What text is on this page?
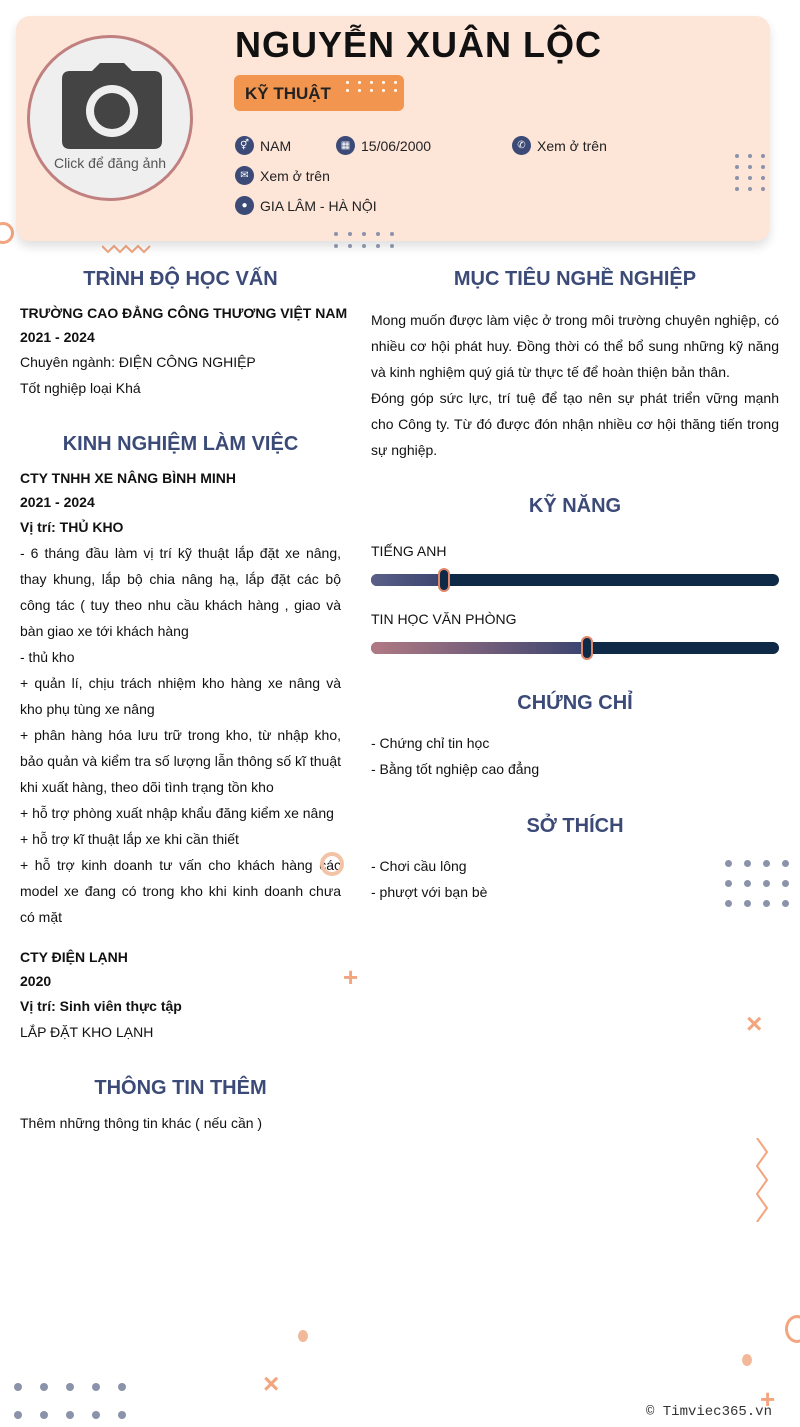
Click để đăng ảnh
NGUYỄN XUÂN LỘC
KỸ THUẬT
⚥ NAM	▦ 15/06/2000	✆ Xem ở trên
✉ Xem ở trên
● GIA LÂM - HÀ NỘI
TRÌNH ĐỘ HỌC VẤN
TRƯỜNG CAO ĐẲNG CÔNG THƯƠNG VIỆT NAM
2021 - 2024
Chuyên ngành: ĐIỆN CÔNG NGHIỆP
Tốt nghiệp loại Khá
KINH NGHIỆM LÀM VIỆC
CTY TNHH XE NÂNG BÌNH MINH
2021 - 2024
Vị trí: THỦ KHO
- 6 tháng đầu làm vị trí kỹ thuật lắp đặt xe nâng, thay khung, lắp bộ chia nâng hạ, lắp đặt các bộ công tác ( tuy theo nhu cầu khách hàng , giao và bàn giao xe tới khách hàng
- thủ kho
+ quản lí, chịu trách nhiệm kho hàng xe nâng và kho phụ tùng xe nâng
+ phân hàng hóa lưu trữ trong kho, từ nhập kho, bảo quản và kiểm tra số lượng lẫn thông số kĩ thuật khi xuất hàng, theo dõi tình trạng tồn kho
+ hỗ trợ phòng xuất nhập khẩu đăng kiểm xe nâng
+ hỗ trợ kĩ thuật lắp xe khi cần thiết
+ hỗ trợ kinh doanh tư vấn cho khách hàng các model xe đang có trong kho khi kinh doanh chưa có mặt
CTY ĐIỆN LẠNH
2020
Vị trí: Sinh viên thực tập
LẮP ĐẶT KHO LẠNH
THÔNG TIN THÊM
Thêm những thông tin khác ( nếu cần )
MỤC TIÊU NGHỀ NGHIỆP
Mong muốn được làm việc ở trong môi trường chuyên nghiệp, có nhiều cơ hội phát huy. Đồng thời có thể bổ sung những kỹ năng và kinh nghiệm quý giá từ thực tế để hoàn thiện bản thân.
Đóng góp sức lực, trí tuệ để tạo nên sự phát triển vững mạnh cho Công ty. Từ đó được đón nhận nhiều cơ hội thăng tiến trong sự nghiệp.
KỸ NĂNG
TIẾNG ANH
TIN HỌC VĂN PHÒNG
CHỨNG CHỈ
- Chứng chỉ tin học
- Bằng tốt nghiệp cao đẳng
SỞ THÍCH
- Chơi cầu lông
- phượt với bạn bè
+
×
×	+
© Timviec365.vn
